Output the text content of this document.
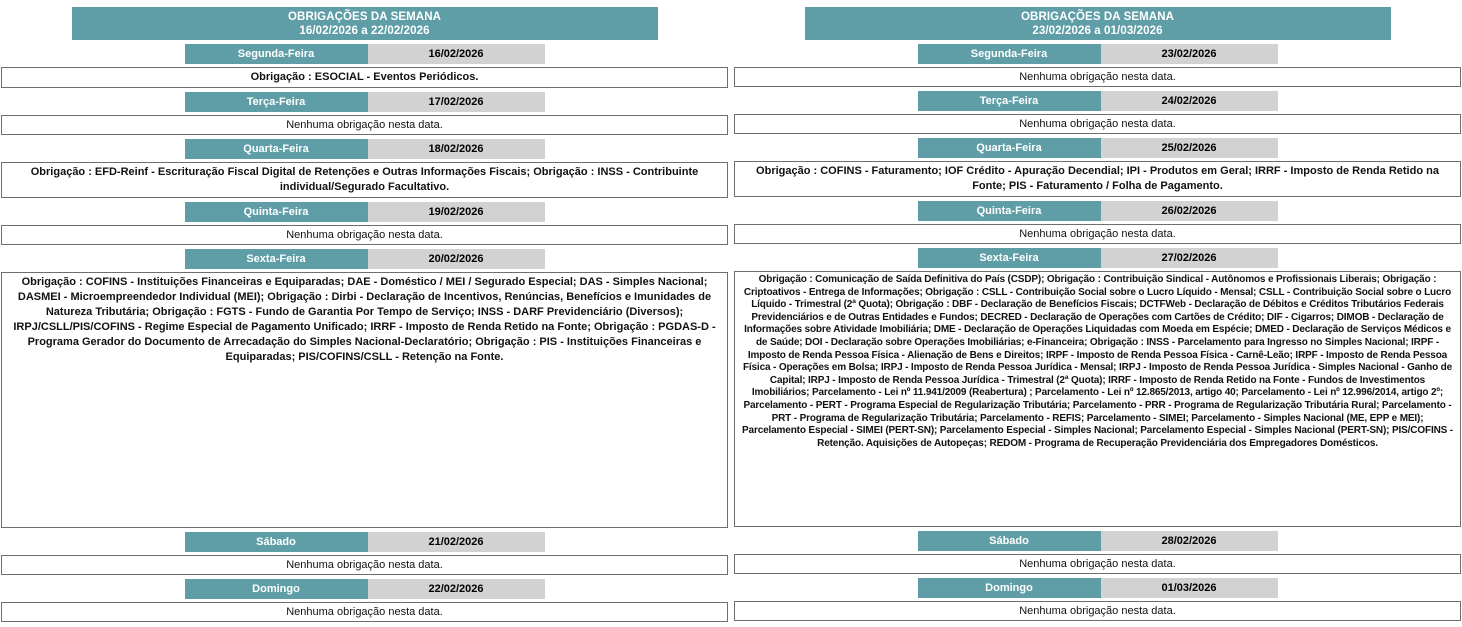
OBRIGAÇÕES DA SEMANA
16/02/2026 a 22/02/2026
Segunda-Feira	16/02/2026
Obrigação : ESOCIAL - Eventos Periódicos.
Terça-Feira	17/02/2026
Nenhuma obrigação nesta data.
Quarta-Feira	18/02/2026
Obrigação : EFD-Reinf - Escrituração Fiscal Digital de Retenções e Outras Informações Fiscais; Obrigação : INSS - Contribuinte individual/Segurado Facultativo.
Quinta-Feira	19/02/2026
Nenhuma obrigação nesta data.
Sexta-Feira	20/02/2026
Obrigação : COFINS - Instituições Financeiras e Equiparadas; DAE - Doméstico / MEI / Segurado Especial; DAS - Simples Nacional; DASMEI - Microempreendedor Individual (MEI); Obrigação : Dirbi - Declaração de Incentivos, Renúncias, Benefícios e Imunidades de Natureza Tributária; Obrigação : FGTS - Fundo de Garantia Por Tempo de Serviço; INSS - DARF Previdenciário (Diversos); IRPJ/CSLL/PIS/COFINS - Regime Especial de Pagamento Unificado; IRRF - Imposto de Renda Retido na Fonte; Obrigação : PGDAS-D - Programa Gerador do Documento de Arrecadação do Simples Nacional-Declaratório; Obrigação : PIS - Instituições Financeiras e Equiparadas; PIS/COFINS/CSLL - Retenção na Fonte.
Sábado	21/02/2026
Nenhuma obrigação nesta data.
Domingo	22/02/2026
Nenhuma obrigação nesta data.
OBRIGAÇÕES DA SEMANA
23/02/2026 a 01/03/2026
Segunda-Feira	23/02/2026
Nenhuma obrigação nesta data.
Terça-Feira	24/02/2026
Nenhuma obrigação nesta data.
Quarta-Feira	25/02/2026
Obrigação : COFINS - Faturamento; IOF Crédito - Apuração Decendial; IPI - Produtos em Geral; IRRF - Imposto de Renda Retido na Fonte; PIS - Faturamento / Folha de Pagamento.
Quinta-Feira	26/02/2026
Nenhuma obrigação nesta data.
Sexta-Feira	27/02/2026
Obrigação : Comunicação de Saída Definitiva do País (CSDP); Obrigação : Contribuição Sindical - Autônomos e Profissionais Liberais; Obrigação : Criptoativos - Entrega de Informações; Obrigação : CSLL - Contribuição Social sobre o Lucro Líquido - Mensal; CSLL - Contribuição Social sobre o Lucro Líquido - Trimestral (2ª Quota); Obrigação : DBF - Declaração de Benefícios Fiscais; DCTFWeb - Declaração de Débitos e Créditos Tributários Federais Previdenciários e de Outras Entidades e Fundos; DECRED - Declaração de Operações com Cartões de Crédito; DIF - Cigarros; DIMOB - Declaração de Informações sobre Atividade Imobiliária; DME - Declaração de Operações Liquidadas com Moeda em Espécie; DMED - Declaração de Serviços Médicos e de Saúde; DOI - Declaração sobre Operações Imobiliárias; e-Financeira; Obrigação : INSS - Parcelamento para Ingresso no Simples Nacional; IRPF - Imposto de Renda Pessoa Física - Alienação de Bens e Direitos; IRPF - Imposto de Renda Pessoa Física - Carnê-Leão; IRPF - Imposto de Renda Pessoa Física - Operações em Bolsa; IRPJ - Imposto de Renda Pessoa Jurídica - Mensal; IRPJ - Imposto de Renda Pessoa Jurídica - Simples Nacional - Ganho de Capital; IRPJ - Imposto de Renda Pessoa Jurídica - Trimestral (2ª Quota); IRRF - Imposto de Renda Retido na Fonte - Fundos de Investimentos Imobiliários; Parcelamento - Lei nº 11.941/2009 (Reabertura) ; Parcelamento - Lei nº 12.865/2013, artigo 40; Parcelamento - Lei nº 12.996/2014, artigo 2º; Parcelamento - PERT - Programa Especial de Regularização Tributária; Parcelamento - PRR - Programa de Regularização Tributária Rural; Parcelamento - PRT - Programa de Regularização Tributária; Parcelamento - REFIS; Parcelamento - SIMEI; Parcelamento - Simples Nacional (ME, EPP e MEI); Parcelamento Especial - SIMEI (PERT-SN); Parcelamento Especial - Simples Nacional; Parcelamento Especial - Simples Nacional (PERT-SN); PIS/COFINS - Retenção. Aquisições de Autopeças; REDOM - Programa de Recuperação Previdenciária dos Empregadores Domésticos.
Sábado	28/02/2026
Nenhuma obrigação nesta data.
Domingo	01/03/2026
Nenhuma obrigação nesta data.
